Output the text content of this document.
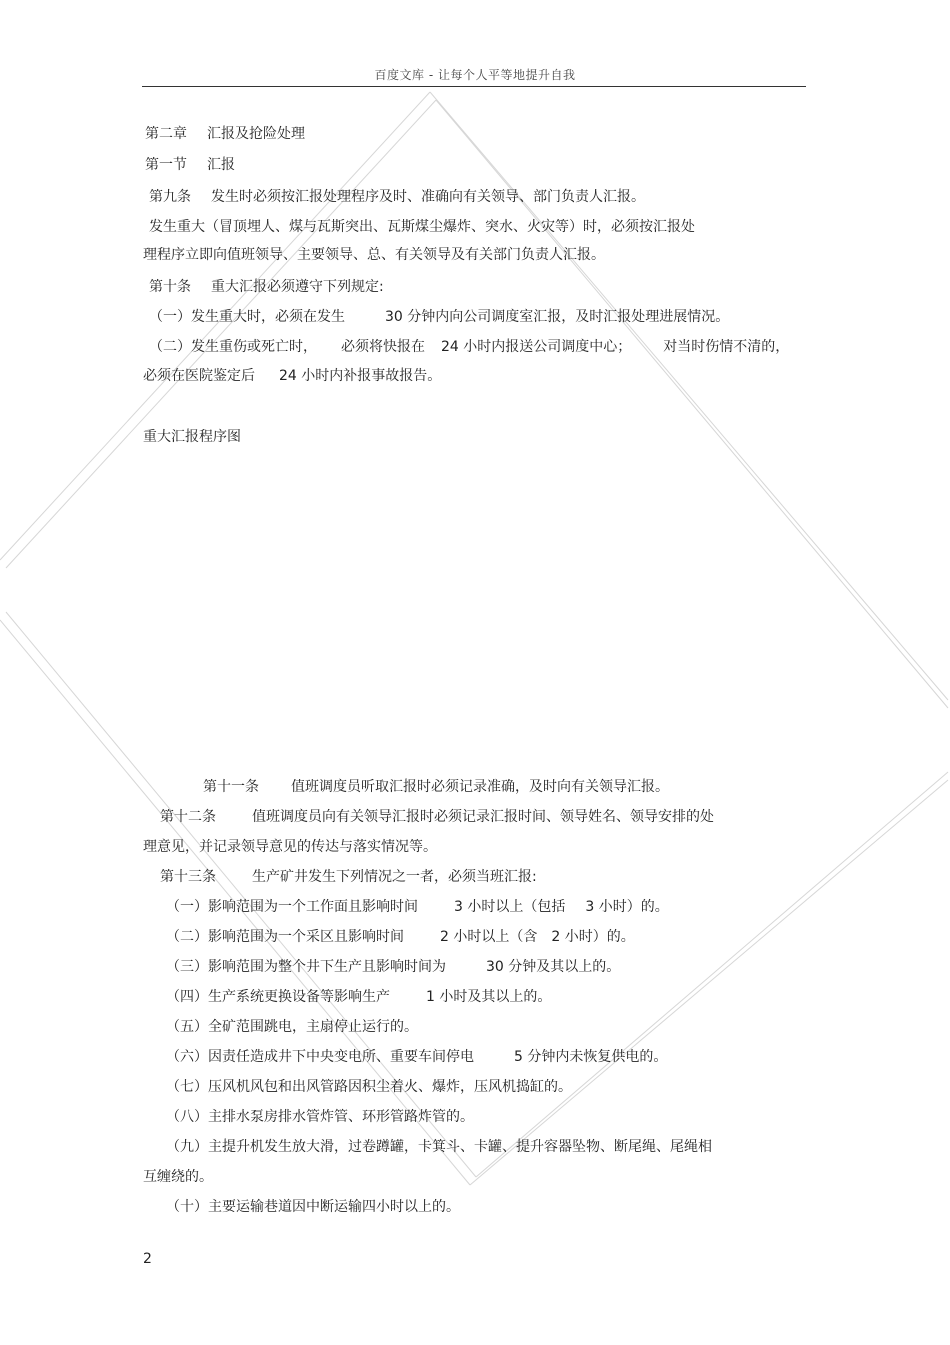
百度文库 - 让每个人平等地提升自我
第二章 汇报及抢险处理
第一节 汇报
第九条 发生时必须按汇报处理程序及时、准确向有关领导、部门负责人汇报。
发生重大（冒顶埋人、煤与瓦斯突出、瓦斯煤尘爆炸、突水、火灾等）时，必须按汇报处
理程序立即向值班领导、主要领导、总、有关领导及有关部门负责人汇报。
第十条 重大汇报必须遵守下列规定:
（一）发生重大时，必须在发生	30 分钟内向公司调度室汇报，及时汇报处理进展情况。
（二）发生重伤或死亡时， 必须将快报在 24 小时内报送公司调度中心； 对当时伤情不清的，
必须在医院鉴定后 24 小时内补报事故报告。
重大汇报程序图
第十一条 值班调度员听取汇报时必须记录准确，及时向有关领导汇报。
第十二条	值班调度员向有关领导汇报时必须记录汇报时间、领导姓名、领导安排的处
理意见，并记录领导意见的传达与落实情况等。
第十三条	生产矿井发生下列情况之一者，必须当班汇报:
（一）影响范围为一个工作面且影响时间	3 小时以上（包括 3 小时）的。
（二）影响范围为一个采区且影响时间	2 小时以上（含 2 小时）的。
（三）影响范围为整个井下生产且影响时间为	30 分钟及其以上的。
（四）生产系统更换设备等影响生产	1 小时及其以上的。
（五）全矿范围跳电，主扇停止运行的。
（六）因责任造成井下中央变电所、重要车间停电	5 分钟内未恢复供电的。
（七）压风机风包和出风管路因积尘着火、爆炸，压风机捣缸的。
（八）主排水泵房排水管炸管、环形管路炸管的。
（九）主提升机发生放大滑，过卷蹲罐，卡箕斗、卡罐、提升容器坠物、断尾绳、尾绳相
互缠绕的。
（十）主要运输巷道因中断运输四小时以上的。
2
